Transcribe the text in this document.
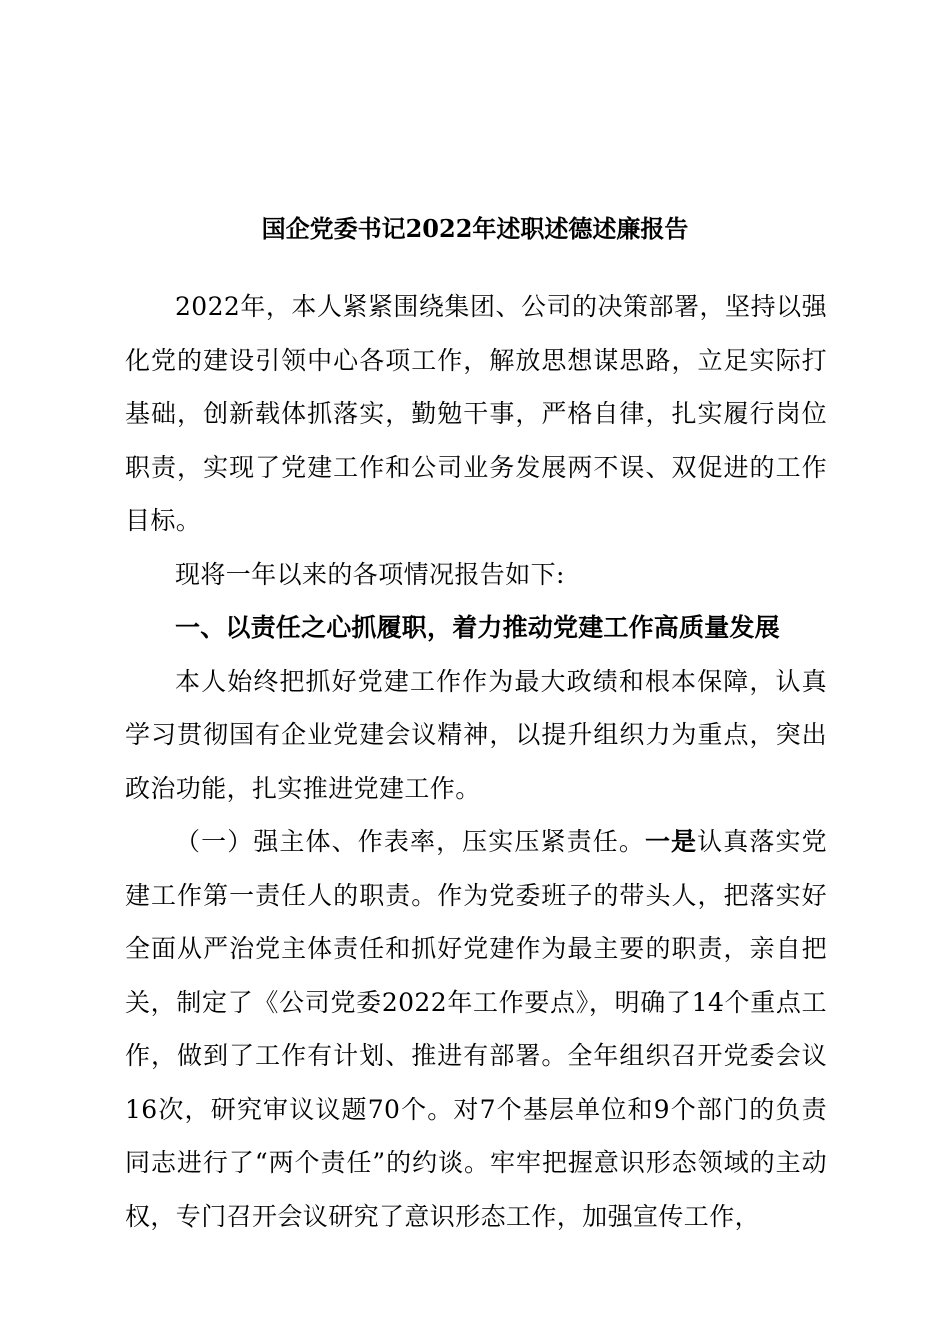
国企党委书记2022年述职述德述廉报告

2022年，本人紧紧围绕集团、公司的决策部署，坚持以强化党的建设引领中心各项工作，解放思想谋思路，立足实际打基础，创新载体抓落实，勤勉干事，严格自律，扎实履行岗位职责，实现了党建工作和公司业务发展两不误、双促进的工作目标。

现将一年以来的各项情况报告如下:

一、以责任之心抓履职，着力推动党建工作高质量发展

本人始终把抓好党建工作作为最大政绩和根本保障，认真学习贯彻国有企业党建会议精神，以提升组织力为重点，突出政治功能，扎实推进党建工作。

（一）强主体、作表率，压实压紧责任。一是认真落实党建工作第一责任人的职责。作为党委班子的带头人，把落实好全面从严治党主体责任和抓好党建作为最主要的职责，亲自把关，制定了《公司党委2022年工作要点》，明确了14个重点工作，做到了工作有计划、推进有部署。全年组织召开党委会议16次，研究审议议题70个。对7个基层单位和9个部门的负责同志进行了“两个责任”的约谈。牢牢把握意识形态领域的主动权，专门召开会议研究了意识形态工作，加强宣传工作，
